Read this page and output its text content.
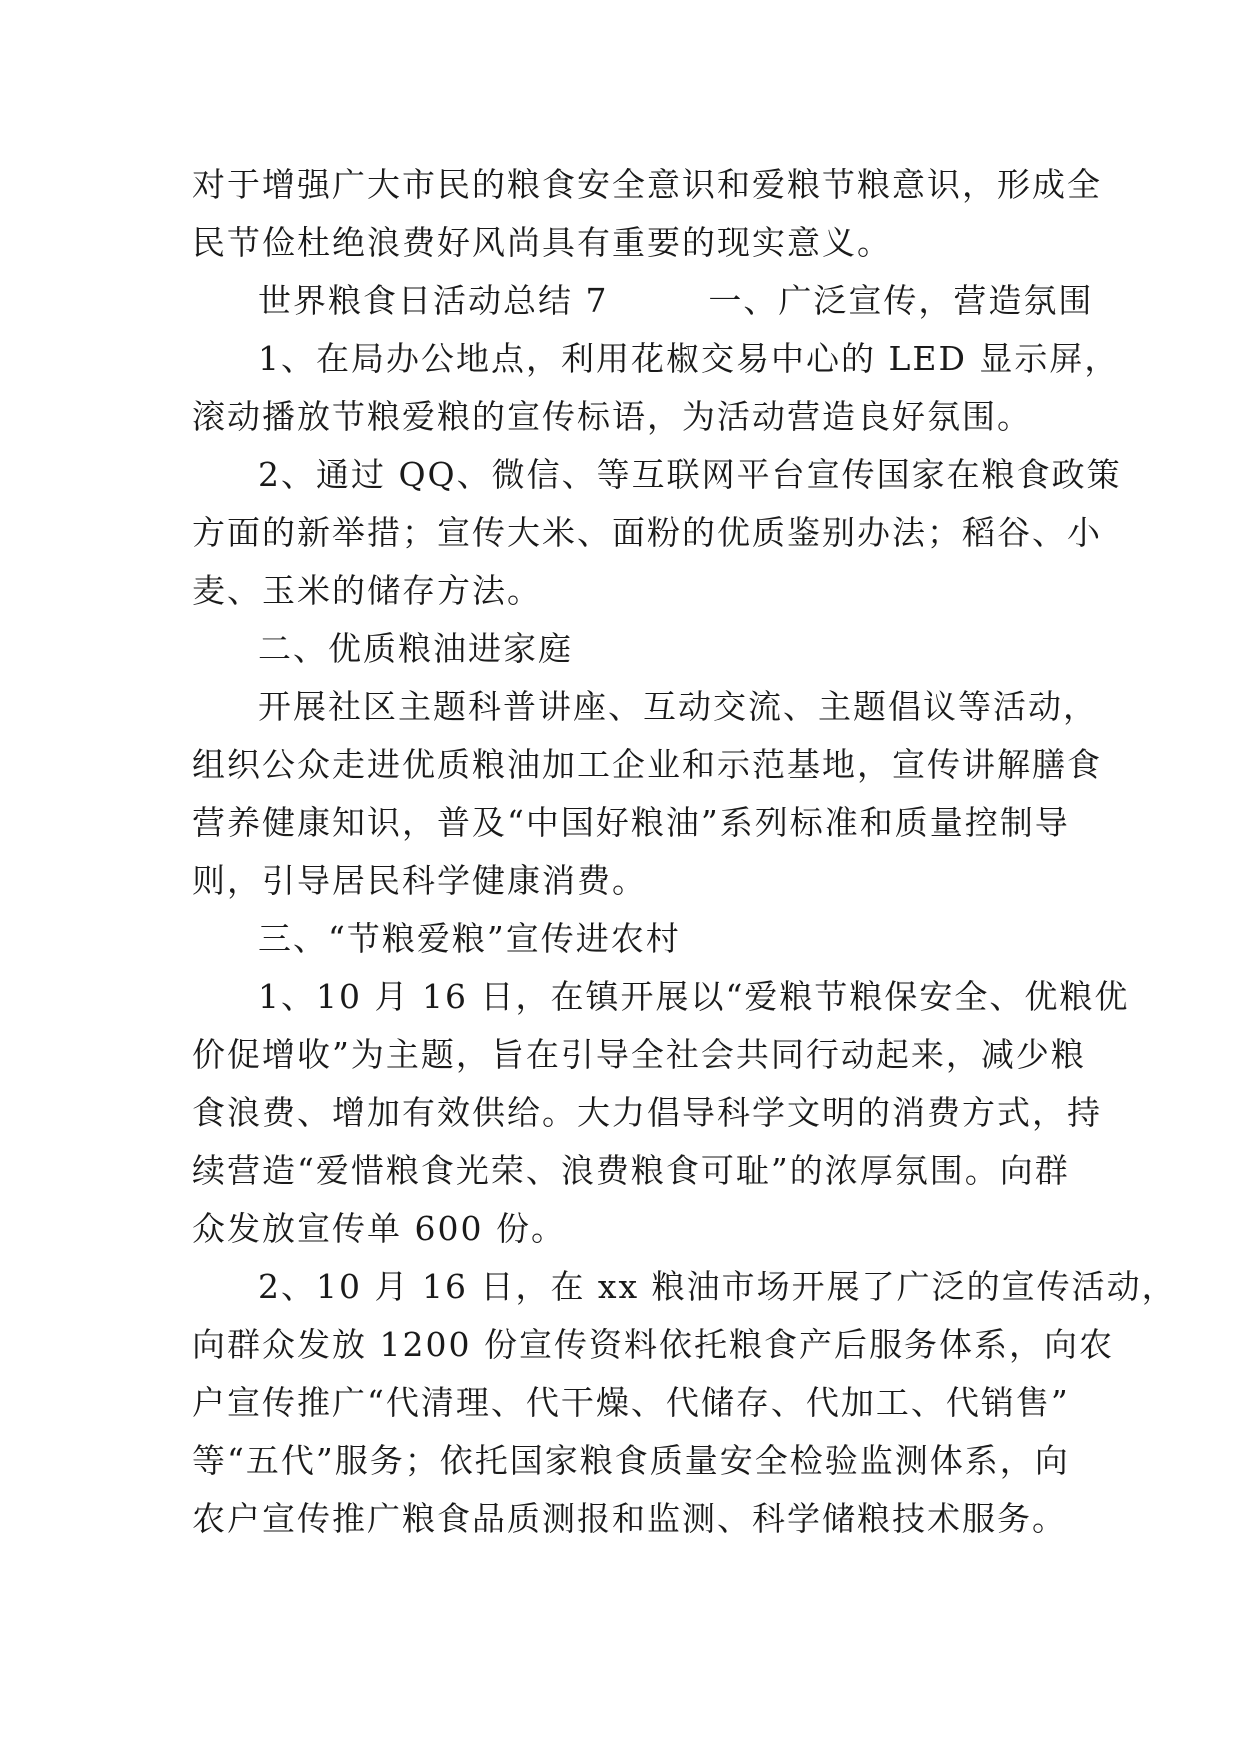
对于增强广大市民的粮食安全意识和爱粮节粮意识，形成全
民节俭杜绝浪费好风尚具有重要的现实意义。
世界粮食日活动总结 7        一、广泛宣传，营造氛围
1、在局办公地点，利用花椒交易中心的 LED 显示屏，
滚动播放节粮爱粮的宣传标语，为活动营造良好氛围。
2、通过 QQ、微信、等互联网平台宣传国家在粮食政策
方面的新举措；宣传大米、面粉的优质鉴别办法；稻谷、小
麦、玉米的储存方法。
二、优质粮油进家庭
开展社区主题科普讲座、互动交流、主题倡议等活动，
组织公众走进优质粮油加工企业和示范基地，宣传讲解膳食
营养健康知识，普及“中国好粮油”系列标准和质量控制导
则，引导居民科学健康消费。
三、“节粮爱粮”宣传进农村
1、10 月 16 日，在镇开展以“爱粮节粮保安全、优粮优
价促增收”为主题，旨在引导全社会共同行动起来，减少粮
食浪费、增加有效供给。大力倡导科学文明的消费方式，持
续营造“爱惜粮食光荣、浪费粮食可耻”的浓厚氛围。向群
众发放宣传单 600 份。
2、10 月 16 日，在 xx 粮油市场开展了广泛的宣传活动，
向群众发放 1200 份宣传资料依托粮食产后服务体系，向农
户宣传推广“代清理、代干燥、代储存、代加工、代销售”
等“五代”服务；依托国家粮食质量安全检验监测体系，向
农户宣传推广粮食品质测报和监测、科学储粮技术服务。
